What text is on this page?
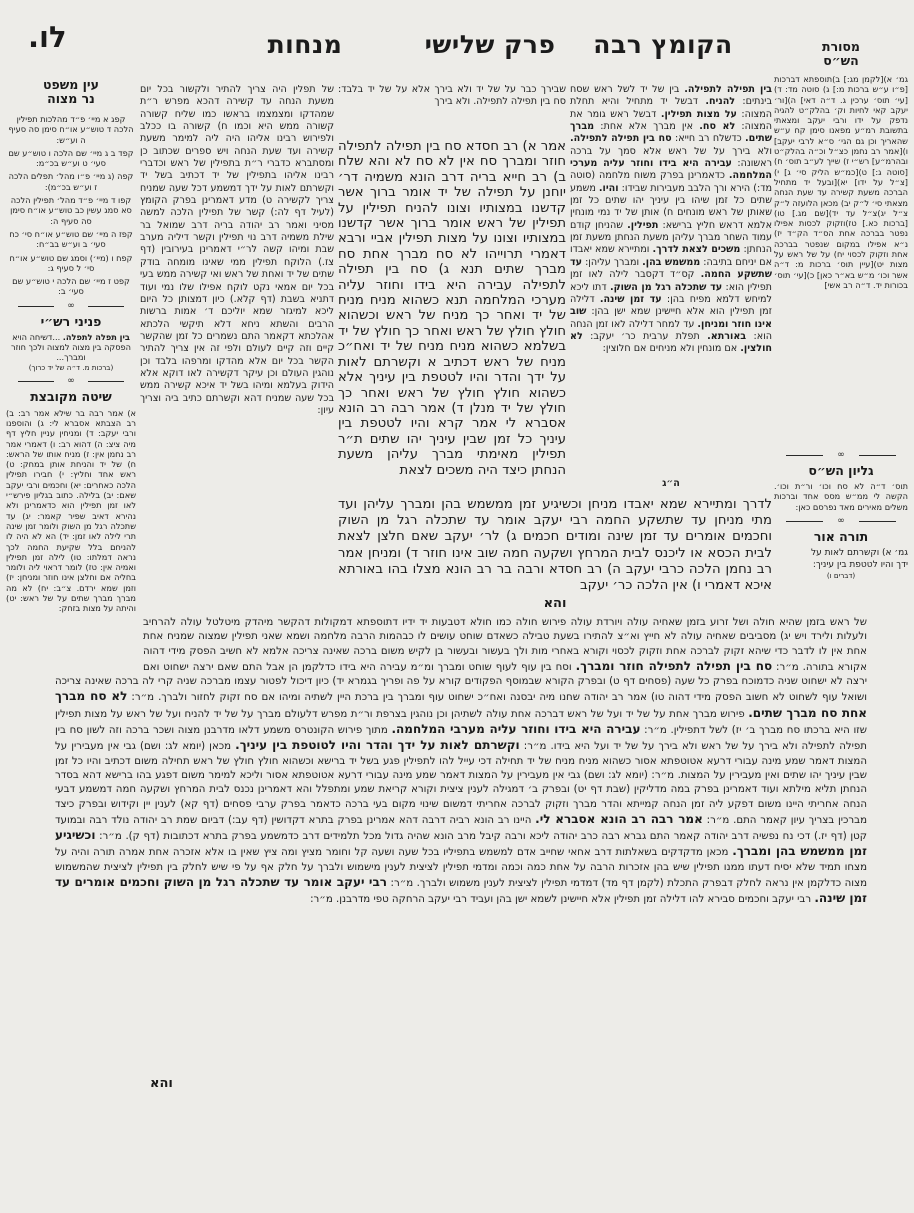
לו.	מנחות	פרק שלישי	הקומץ רבה	מסורת
הש״ס
גמ׳ א)[לקמן מג:] ב)תוספתא דברכות [פ״ו ע״ש ברכות מ:] ג) סוטה מד: ד)[עי׳ תוס׳ ערכין ג. ד״ה דאי] ה)[ור׳ יעקב קאי לחיות וק׳ בהלק״ט להגיה נדפק על ידו ורבי יעקב ומצאתי בתשובת רמ״ע מפאנו סימן קח ע״ש שהאריך וכן גם הגי׳ ס״א לרבי יעקב] ו)[אמר רב נחמן כצ״ל וכ״ה בהלק״ט ובהרמ״ע] רש״י ז) שייך לע״ב תוס׳ ח)[סוטה ג:] ט)[כמ״ש הליק סי׳ ג] י)[צ״ל על ידו] יא)[ובעל יד מתחיל הברכה משעת קשירה עד שעת הנחה מצאתי סי׳ ל״ק יב) מכאן הלועזה ל״ק צ״ל יג)צ״ל עד יד)[שם מג.] טו)[ברכות כא.] טז)וזקוק לכסות אפילו נפטר בברכה אחת הס״ד הק״ד יז) נ״א אפילו במקום שנפטר בברכה אחת וזקוק לכסוי יח) על של ראש על מצות יט)[עיין תוס׳ ברכות מ: ד״ה אשר וכו׳ מ״ש בא״ר כאן] כ)[עי׳ תוס׳ בכורות יד. ד״ה רב אשי]
∞
גליון הש״ס
תוס׳ ד״ה לא סח וכו׳ ור״ת וכו׳. הקשה לי ממ״ש מסס אחד וברכות משלים מאירים מאד נפרסם כאן:
∞
תורה אור
גמ׳ א) וקשרתם לאות על
ידך והיו לטטפת בין עיניך:
(דברים ו)
עין משפט
נר מצוה
קפג א מיי׳ פ״ד מהלכות תפילין הלכה ד טוש״ע או״ח סימן סה סעיף ה וע״ש:
קפד ב ג מיי׳ שם הלכה ו טוש״ע שם סעי׳ ט וע״ש בכ״מ:
קפה (ג מיי׳ פ״ו מהל׳ תפלים הלכה ז וע״ש בכ״מ):
קפו ד מיי׳ פ״ד מהל׳ תפילין הלכה סא סמג עשין כב טוש״ע או״ח סימן סה סעיף ה:
קפז ה מיי׳ שם טוש״ע או״ח סי׳ כח סעי׳ ב וע״ש בב״ח:
קפח ו (מיי׳) וסמג שם טוש״ע או״ח סי׳ ל סעיף ג:
קפט ז מיי׳ שם הלכה י טוש״ע שם סעי׳ ב:
∞
פניני רש״י
בין תפלה לתפלה. ...דשיחה הויא הפסקה בין מצוה למצוה ולכך חוזר ומברך...
(ברכות מ. ד״ה של יד כרוך)
∞
שיטה מקובצת
א) אמר רבה בר שילא אמר רב: ב) רב הצבתא אסברא לי: ג) והוספנו ורבי יעקב: ד) ומניחין עניין חליץ דף מיה ציצ: ה) דהוא רב: ו) דאמרי אמר רב נחמן אין: ז) מניח אותו של הראש: ח) של יד והניחת אותן במחק: ט) ראש אחד וחליץ: י) חבירו תפילין הלכה כאחרים: יא) וחכמים ורבי יעקב שאם: יב) בלילה. כתוב בגליון פירש״י לאו זמן תפילין הוא כדאמרינן ולא נהירא דאיב שפיר קאמר: יג) עד שתכלה רגל מן השוק ולומר זמן שינה תרי לילה לאו זמן: יד) הא לא היה לו להניחם בלל שקיעת החמה לכך נראה דמלתו: טו) לילה זמן תפילין ואמיה אין: טז) לומר דראוי ליה ולומר בחליה אם וחלצן אינו חוזר ומניחן: יז) וזמן שמא ירדם. צ״ב: יח) לא מה מברך מברך שתים על של ראש: יט) והיתה על מצות בזחק:
של תפלין היה צריך להתיר ולקשור בכל יום משעת הנחה עד קשירה דהכא מפרש ר״ת שמהדקו ומצמצמו בראשו כמו שליח קשורה קשורה ממש היא וכמו ח) קשורה בו ככלב ולפירוש רבינו אליהו היה ליה למימר משעת קשירה ועד שעת הנחה ויש ספרים שכתוב כן ומסתברא כדברי ר״ת בתפילין של ראש וכדברי רבינו אליהו בתפילין של יד דכתיב בשל יד וקשרתם לאות על ידך דמשמע דכל שעה שמניח צריך לקשירה ט) מדע דאמרינן בפרק הקומץ (לעיל דף לה:) קשר של תפילין הלכה למשה מסיני ואמר רב יהודה בריה דרב שמואל בר שילת משמיה דרב נוי תפילין וקשר דיליה מערב שבת ומיהו קשה לר״י דאמרינן בעירובין (דף צז.) הלוקח תפילין ממי שאינו מומחה בודק שתים של יד ואחת של ראש ואי קשירה ממש בעי בכל יום אמאי נקט לוקח אפילו שלו נמי ועוד דתניא בשבת (דף קלא.) כיון דמצותן כל היום ליכא למיגזר שמא יוליכם ד׳ אמות ברשות הרבים והשתא ניחא דלא תיקשי הלכתא אהלכתא דקאמר התם נשמרים כל זמן שהקשר קיים וזה קיים לעולם ולפי זה אין צריך להתיר הקשר בכל יום אלא מהדקו ומרפהו בלבד וכן נוהגין העולם וכן עיקר דקשירה לאו דוקא אלא הידוק בעלמא ומיהו בשל יד איכא קשירה ממש בכל שעה שמניח דהא וקשרתם כתיב ביה וצריך עיון:
שבירך כבר על של יד ולא בירך אלא על של יד בלבד: סח בין תפילה לתפילה. ולא בירך
אמר א) רב חסדא סח בין תפילה לתפילה חוזר ומברך סח אין לא סח לא והא שלח ב) רב חייא בריה דרב הונא משמיה דר׳ יוחנן על תפילה של יד אומר ברוך אשר קדשנו במצותיו וצונו להניח תפילין על תפילין של ראש אומר ברוך אשר קדשנו במצותיו וצונו על מצות תפילין אביי ורבא דאמרי תרוייהו לא סח מברך אחת סח מברך שתים תנא ג) סח בין תפילה לתפילה עבירה היא בידו וחוזר עליה מערכי המלחמה תנא כשהוא מניח מניח של יד ואחר כך מניח של ראש וכשהוא חולץ חולץ של ראש ואחר כך חולץ של יד בשלמא כשהוא מניח מניח של יד ואח״כ מניח של ראש דכתיב א וקשרתם לאות על ידך והדר והיו לטטפת בין עיניך אלא כשהוא חולץ חולץ של ראש ואחר כך חולץ של יד מנלן ד) אמר רבה רב הונא אסברא לי אמר קרא והיו לטטפת בין עיניך כל זמן שבין עיניך יהו שתים ת״ר תפילין מאימתי מברך עליהן משעת הנחתן כיצד היה משכים לצאת
בין תפילה לתפילה. בין של יד לשל ראש שסח בינתים: להניח. דבשל יד מתחיל והיא תחלת המצוה: על מצות תפילין. דבשל ראש גומר את המצוה: לא סח. אין מברך אלא אחת: מברך שתים. כדשלח רב חייא: סח בין תפילה לתפילה. ולא בירך על של ראש אלא סמך על ברכה ראשונה: עבירה היא בידו וחוזר עליה מערכי המלחמה. כדאמרינן בפרק משוח מלחמה (סוטה מד:) הירא ורך הלבב מעבירות שבידו: והיו. משמע שתים כל זמן שיהו בין עיניך יהו שתים כל זמן שאותן של ראש מונחים ח) אותן של יד נמי מונחין אלמא דראש חליץ ברישא: תפילין. שהניחן קודם עמוד השחר מברך עליהן משעת הנחתן משעת זמן הנחתן: משכים לצאת לדרך. ומתיירא שמא יאבדו אם יניחם בתיבה: ממשמש בהן. ומברך עליהן: עד שתשקע החמה. קס״ד דקסבר לילה לאו זמן תפילין הוא: עד שתכלה רגל מן השוק. דתו ליכא למיחש דלמא מפיח בהן: עד זמן שינה. דלילה זמן תפילין הוא אלא חיישינן שמא ישן בהן: שוב אינו חוזר ומניחן. עד למחר דלילה לאו זמן הנחה הוא: באורתא. תפלת ערבית כר׳ יעקב: לא חולצין. אם מונחין ולא מניחים אם חלוצין:
ה״ג
לדרך ומתיירא שמא יאבדו מניחן וכשיגיע זמן ממשמש בהן ומברך עליהן ועד מתי מניחן עד שתשקע החמה רבי יעקב אומר עד שתכלה רגל מן השוק וחכמים אומרים עד זמן שינה ומודים חכמים ג) לר׳ יעקב שאם חלצן לצאת לבית הכסא או ליכנס לבית המרחץ ושקעה חמה שוב אינו חוזר ד) ומניחן אמר רב נחמן הלכה כרבי יעקב ה) רב חסדא ורבה בר רב הונא מצלו בהו באורתא איכא דאמרי ו) אין הלכה כר׳ יעקב
והא
של ראש בזמן שהיא חולה ושל זרוע בזמן שאחיה עולה ויורדת עולה פירוש חולה כמו חולא דטבעות יד ידיו דתוספתא דמקולות דהקשר מיהדק מיטלטל עולה להרחיב ולעלות ולירד ויש יג) מסביבים שאחיה עולה לא חייץ וא״צ להתירו בשעת טבילה כשאדם שוחט עושים לו כבהמות הרבה מלחמה ושמא שאני תפילין שמצוה שמניח אחת אחת אין לו לדבר כדי שיהא זקוק לברכה אחת וזקוק לכסוי וקורא באחרי מות ולך בעשור ובעשור בן לקיש משום ברכה שאינה צריכה אלמא לא חשיב הפסק מידי דהוה אקורא בתורה. מ״ר: סח בין תפילה לתפילה חוזר ומברך. וסח בין עוף לעוף שוחט ומברך ומ״מ עבירה היא בידו כדלקמן הן אבל התם שאם ירצה ישחוט ואם ירצה לא ישחוט שניה כדמוכח בפרק כל שעה (פסחים דף ט) ובפרק הקורא שבמוסף הפקודים קורא על פה ופריך בגמרא יד) כיון דיכול לפטור עצמו מברכה שניה קרי לה ברכה שאינה צריכה ושואל עוף לשחוט לא חשוב הפסק מידי דהוה טו) אמר רב יהודה שחנו מיה יבסנה ואח״כ ישחוט עוף ומברך בין ברכת היין לשתיה ומיהו אם סח זקוק לחזור ולברך. מ״ר: לא סח מברך אחת סח מברך שתים. פירוש מברך אחת על של יד ועל של ראש דברכה אחת עולה לשתיהן וכן נוהגין בצרפת ור״ת מפרש דלעולם מברך על של יד להניח ועל של ראש על מצות תפילין שזו היא ברכתו סח מברך ב׳ יז) לשל דתפילין. מ״ר: עבירה היא בידו וחוזר עליה מערבי המלחמה. מתוך פירוש הקונטרס משמע דלאו מדרבנן מצוה ושכר ברכה וזה לשון סח בין תפילה לתפילה ולא בירך על של ראש ולא בירך על של יד ועל היא בידו. מ״ר: וקשרתם לאות על ידך והדר והיו לטוטפת בין עיניך. מכאן (יומא לג: ושם) גבי אין מעבירין על המצות דאמר שמע מינה עבורי דרעא אטוטפתא אסור כשהוא מניח מניח של יד תחילה דכי עייל להו לתפילין פגע בשל יד ברישא וכשהוא חולץ חולץ של ראש תחילה משום דכתיב והיו כל זמן שבין עיניך יהו שתים ואין מעבירין על המצות. מ״ר: (יומא לג: ושם) גבי אין מעבירין על המצות דאמר שמע מינה עבורי דרעא אטוטפתא אסור וליכא למימר משום דפגע בהו ברישא דהא בסדר הנחתן תליא מילתא ועוד דאמרינן בפרק במה מדליקין (שבת דף יט) ובפרק ב׳ דמגילה לענין ציצית וקורא קריאת שמע ומתפלל והא דאמרינן נכנס לבית המרחץ ושקעה חמה דמשמע דבעי הנחה אחריתי היינו משום דפקע ליה זמן הנחה קמייתא והדר מברך וזקוק לברכה אחריתי דמשום שינוי מקום בעי ברכה כדאמר בפרק ערבי פסחים (דף קא) לענין יין וקידוש ובפרק כיצד מברכין בצריך עיון קאמר התם. מ״ר: אמר רבה רב הונא אסברא לי. היינו רב הונא רביה דרבה דהא אמרינן בפרק בתרא דקדושין (דף עב:) דביום שמת רב יהודה נולד רבה ובמועד קטן (דף יז.) דכי נח נפשיה דרב יהודה קאמר התם גברא רבה כרב יהודה ליכא ורבה קיבל מרב הונא שהיה גדול מכל תלמידים דרב כדמשמע בפרק בתרא דכתובות (דף ק). מ״ר: וכשיגיע זמן ממשמש בהן ומברך. מכאן מדקדקים בשאלתות דרב אחאי שחייב אדם למשמש בתפיליו בכל שעה ושעה קל וחומר מציץ ומה ציץ שאין בו אלא אזכרה אחת אמרה תורה והיה על מצחו תמיד שלא יסיח דעתו ממנו תפילין שיש בהן אזכרות הרבה על אחת כמה וכמה ומדמי תפילין לציצית לענין מישמוש ולברך על חלק אף על פי שיש לחלק בין תפילין לציצית שהמשמוש מצוה כדלקמן אין נראה לחלק דבפרק התכלת (לקמן דף מד) דמדמי תפילין לציצית לענין משמוש ולברך. מ״ר: רבי יעקב אומר עד שתכלה רגל מן השוק וחכמים אומרים עד זמן שינה. רבי יעקב וחכמים סבירא להו דלילה זמן תפילין אלא חיישינן לשמא ישן בהן ועביד רבי יעקב הרחקה טפי מדרבנן. מ״ר:
והא
